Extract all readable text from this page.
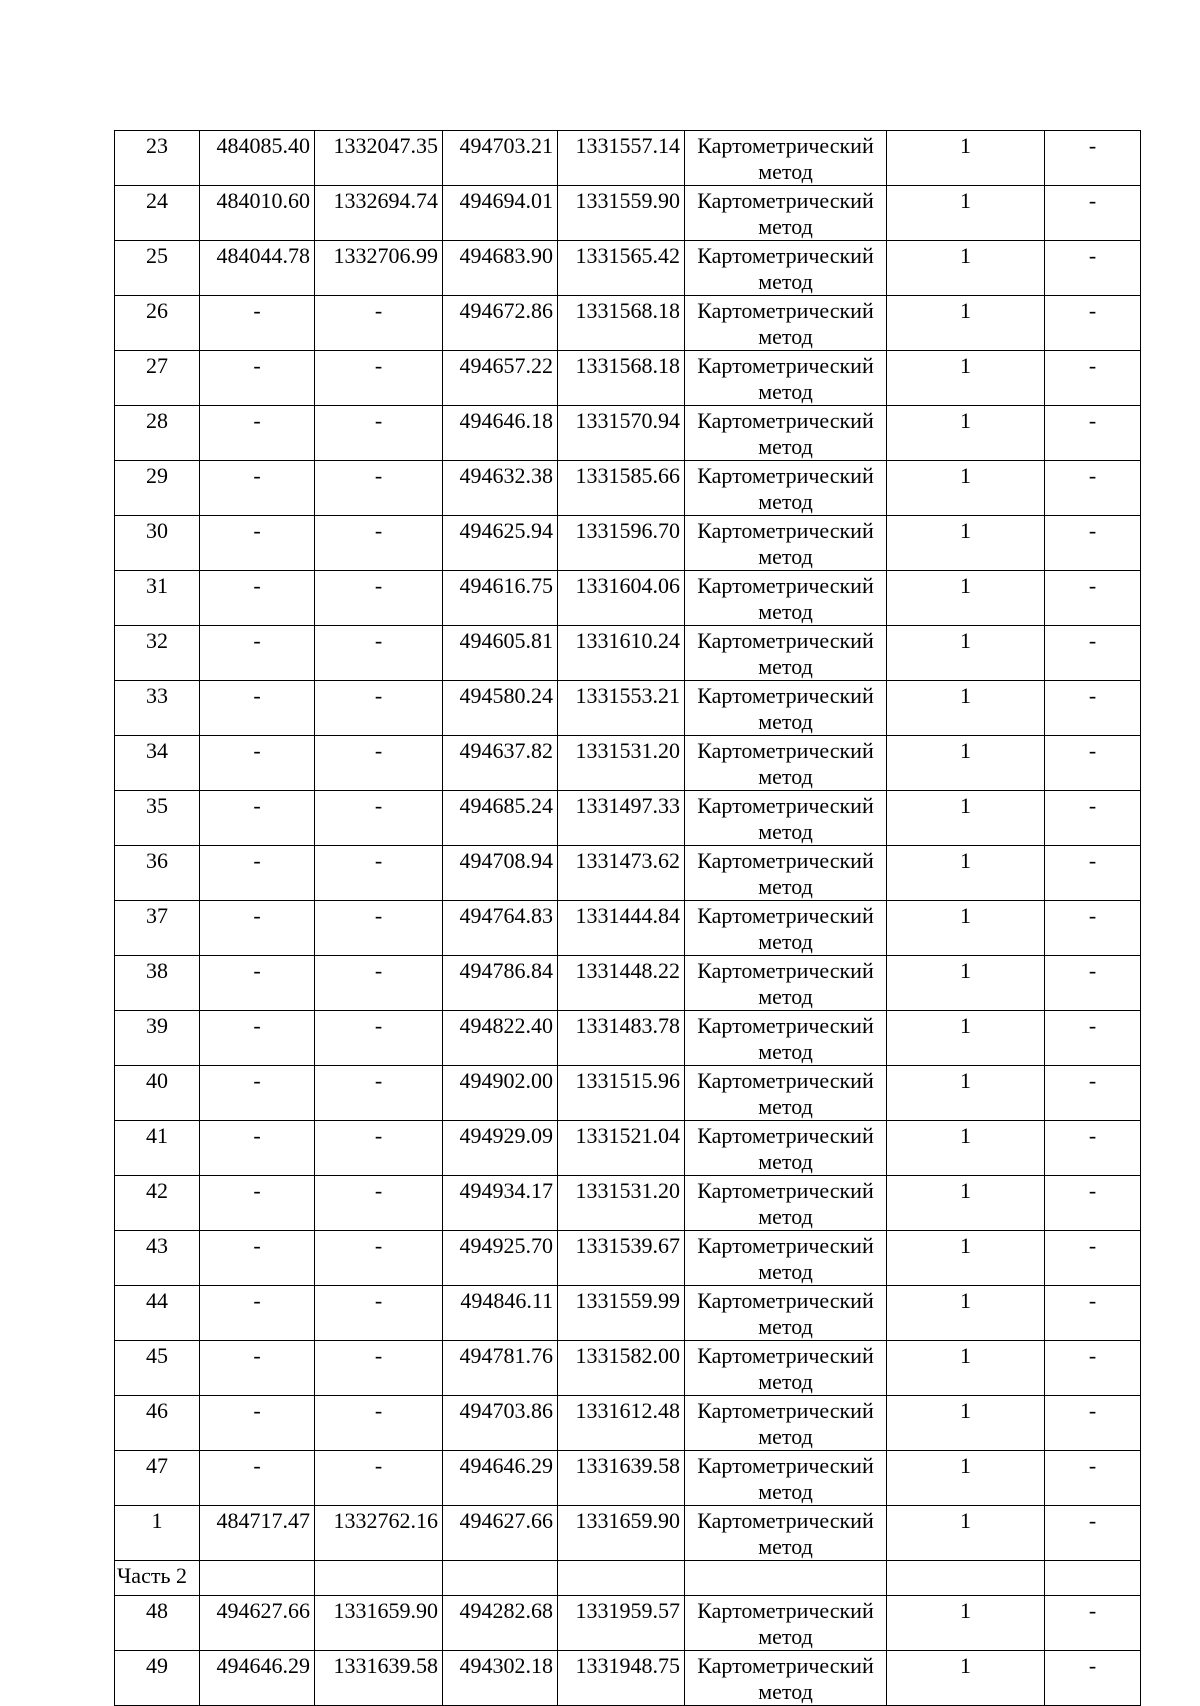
23	484085.40	1332047.35	494703.21	1331557.14	Картометрический метод	1	-
24	484010.60	1332694.74	494694.01	1331559.90	Картометрический метод	1	-
25	484044.78	1332706.99	494683.90	1331565.42	Картометрический метод	1	-
26	-	-	494672.86	1331568.18	Картометрический метод	1	-
27	-	-	494657.22	1331568.18	Картометрический метод	1	-
28	-	-	494646.18	1331570.94	Картометрический метод	1	-
29	-	-	494632.38	1331585.66	Картометрический метод	1	-
30	-	-	494625.94	1331596.70	Картометрический метод	1	-
31	-	-	494616.75	1331604.06	Картометрический метод	1	-
32	-	-	494605.81	1331610.24	Картометрический метод	1	-
33	-	-	494580.24	1331553.21	Картометрический метод	1	-
34	-	-	494637.82	1331531.20	Картометрический метод	1	-
35	-	-	494685.24	1331497.33	Картометрический метод	1	-
36	-	-	494708.94	1331473.62	Картометрический метод	1	-
37	-	-	494764.83	1331444.84	Картометрический метод	1	-
38	-	-	494786.84	1331448.22	Картометрический метод	1	-
39	-	-	494822.40	1331483.78	Картометрический метод	1	-
40	-	-	494902.00	1331515.96	Картометрический метод	1	-
41	-	-	494929.09	1331521.04	Картометрический метод	1	-
42	-	-	494934.17	1331531.20	Картометрический метод	1	-
43	-	-	494925.70	1331539.67	Картометрический метод	1	-
44	-	-	494846.11	1331559.99	Картометрический метод	1	-
45	-	-	494781.76	1331582.00	Картометрический метод	1	-
46	-	-	494703.86	1331612.48	Картометрический метод	1	-
47	-	-	494646.29	1331639.58	Картометрический метод	1	-
1	484717.47	1332762.16	494627.66	1331659.90	Картометрический метод	1	-
Часть 2							
48	494627.66	1331659.90	494282.68	1331959.57	Картометрический метод	1	-
49	494646.29	1331639.58	494302.18	1331948.75	Картометрический метод	1	-
